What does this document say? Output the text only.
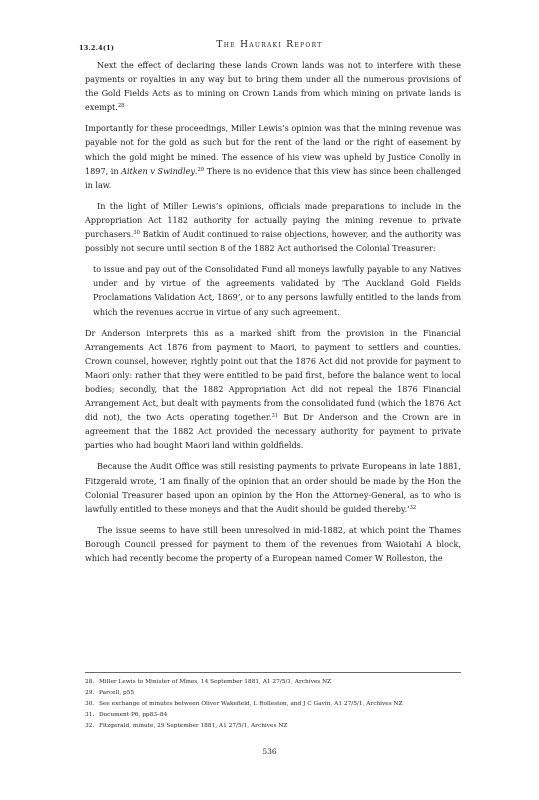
13.2.4(1)	The Hauraki Report

Next the effect of declaring these lands Crown lands was not to interfere with these payments or royalties in any way but to bring them under all the numerous provisions of the Gold Fields Acts as to mining on Crown Lands from which mining on private lands is exempt.$^{28}$

Importantly for these proceedings, Miller Lewis’s opinion was that the mining revenue was payable not for the gold as such but for the rent of the land or the right of easement by which the gold might be mined. The essence of his view was upheld by Justice Conolly in 1897, in Aitken v Swindley.$^{29}$ There is no evidence that this view has since been challenged in law.

In the light of Miller Lewis’s opinions, officials made preparations to include in the Appropriation Act 1182 authority for actually paying the mining revenue to private purchasers.$^{30}$ Batkin of Audit continued to raise objections, however, and the authority was possibly not secure until section 8 of the 1882 Act authorised the Colonial Treasurer:

to issue and pay out of the Consolidated Fund all moneys lawfully payable to any Natives under and by virtue of the agreements validated by ‘The Auckland Gold Fields Proclamations Validation Act, 1869’, or to any persons lawfully entitled to the lands from which the revenues accrue in virtue of any such agreement.

Dr Anderson interprets this as a marked shift from the provision in the Financial Arrangements Act 1876 from payment to Maori, to payment to settlers and counties. Crown counsel, however, rightly point out that the 1876 Act did not provide for payment to Maori only: rather that they were entitled to be paid first, before the balance went to local bodies; secondly, that the 1882 Appropriation Act did not repeal the 1876 Financial Arrangement Act, but dealt with payments from the consolidated fund (which the 1876 Act did not), the two Acts operating together.$^{31}$ But Dr Anderson and the Crown are in agreement that the 1882 Act provided the necessary authority for payment to private parties who had bought Maori land within goldfields.

Because the Audit Office was still resisting payments to private Europeans in late 1881, Fitzgerald wrote, ‘I am finally of the opinion that an order should be made by the Hon the Colonial Treasurer based upon an opinion by the Hon the Attorney-General, as to who is lawfully entitled to these moneys and that the Audit should be guided thereby.’$^{32}$

The issue seems to have still been unresolved in mid-1882, at which point the Thames Borough Council pressed for payment to them of the revenues from Waiotahi A block, which had recently become the property of a European named Comer W Rolleston, the

28. Miller Lewis to Minister of Mines, 14 September 1881, A1 27/5/1, Archives NZ
29. Parcell, p55
30. See exchange of minutes between Oliver Wakefield, L Rolleston, and J C Gavin, A1 27/5/1, Archives NZ
31. Document P6, pp83–84
32. Fitzgerald, minute, 29 September 1881, A1 27/5/1, Archives NZ
536
